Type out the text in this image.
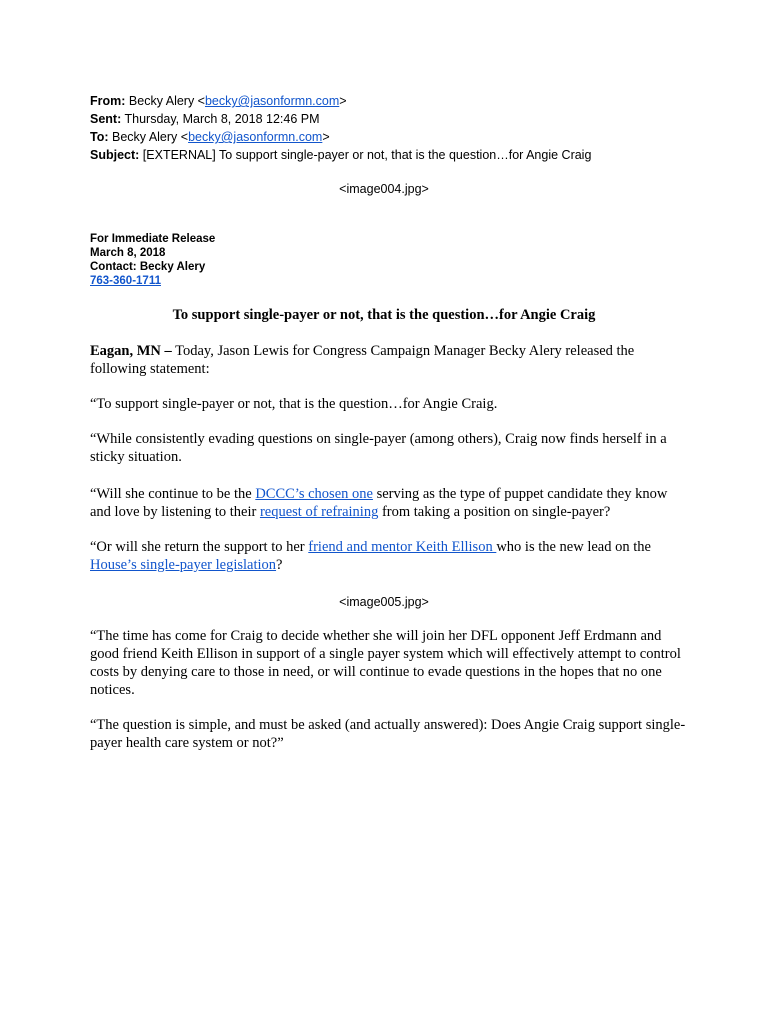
From: Becky Alery <becky@jasonformn.com>
Sent: Thursday, March 8, 2018 12:46 PM
To: Becky Alery <becky@jasonformn.com>
Subject: [EXTERNAL] To support single-payer or not, that is the question…for Angie Craig
<image004.jpg>
For Immediate Release
March 8, 2018
Contact: Becky Alery
763-360-1711
To support single-payer or not, that is the question…for Angie Craig
Eagan, MN – Today, Jason Lewis for Congress Campaign Manager Becky Alery released the following statement:
“To support single-payer or not, that is the question…for Angie Craig.
“While consistently evading questions on single-payer (among others), Craig now finds herself in a sticky situation.
“Will she continue to be the DCCC’s chosen one serving as the type of puppet candidate they know and love by listening to their request of refraining from taking a position on single-payer?
“Or will she return the support to her friend and mentor Keith Ellison who is the new lead on the House’s single-payer legislation?
<image005.jpg>
“The time has come for Craig to decide whether she will join her DFL opponent Jeff Erdmann and good friend Keith Ellison in support of a single payer system which will effectively attempt to control costs by denying care to those in need, or will continue to evade questions in the hopes that no one notices.
“The question is simple, and must be asked (and actually answered): Does Angie Craig support single-payer health care system or not?”
